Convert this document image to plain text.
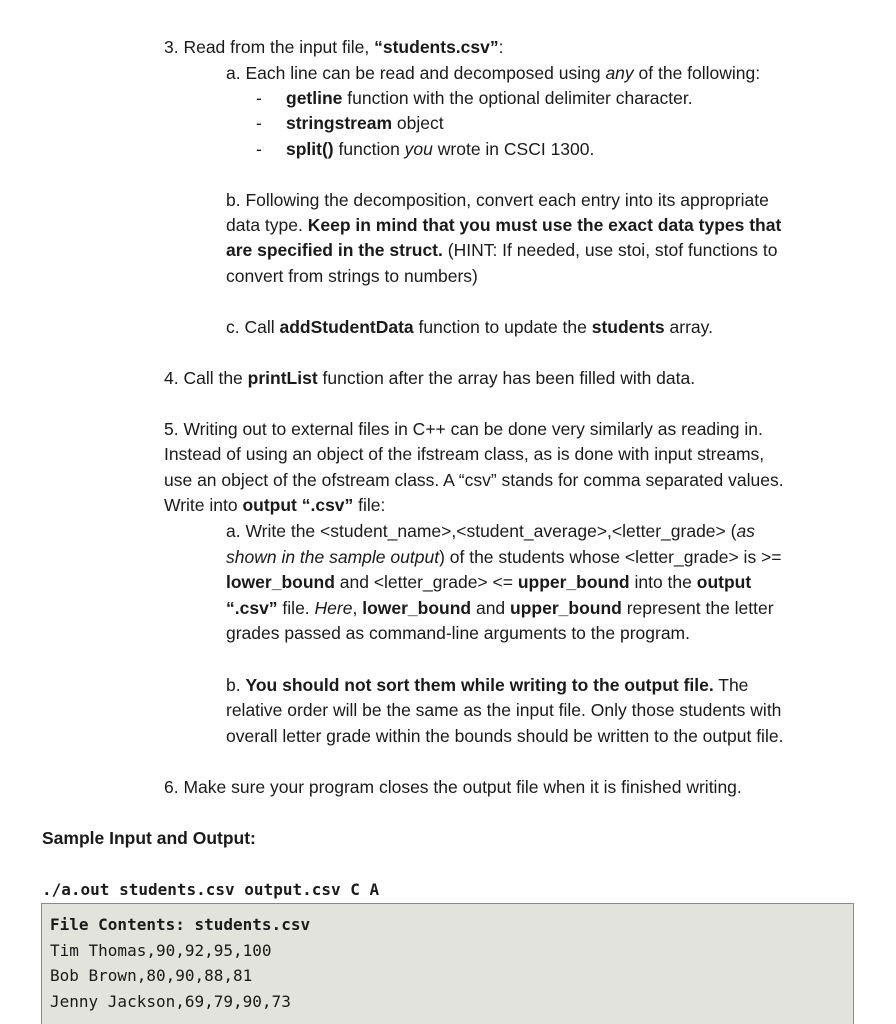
3. Read from the input file, “students.csv”:
a. Each line can be read and decomposed using any of the following:
- getline function with the optional delimiter character.
- stringstream object
- split() function you wrote in CSCI 1300.
b. Following the decomposition, convert each entry into its appropriate
data type. Keep in mind that you must use the exact data types that
are specified in the struct. (HINT: If needed, use stoi, stof functions to
convert from strings to numbers)
c. Call addStudentData function to update the students array.
4. Call the printList function after the array has been filled with data.
5. Writing out to external files in C++ can be done very similarly as reading in.
Instead of using an object of the ifstream class, as is done with input streams,
use an object of the ofstream class. A “csv” stands for comma separated values.
Write into output “.csv” file:
a. Write the <student_name>,<student_average>,<letter_grade> (as
shown in the sample output) of the students whose <letter_grade> is >=
lower_bound and <letter_grade> <= upper_bound into the output
“.csv” file. Here, lower_bound and upper_bound represent the letter
grades passed as command-line arguments to the program.
b. You should not sort them while writing to the output file. The
relative order will be the same as the input file. Only those students with
overall letter grade within the bounds should be written to the output file.
6. Make sure your program closes the output file when it is finished writing.
Sample Input and Output:
./a.out students.csv output.csv C A
File Contents: students.csv
Tim Thomas,90,92,95,100
Bob Brown,80,90,88,81
Jenny Jackson,69,79,90,73
